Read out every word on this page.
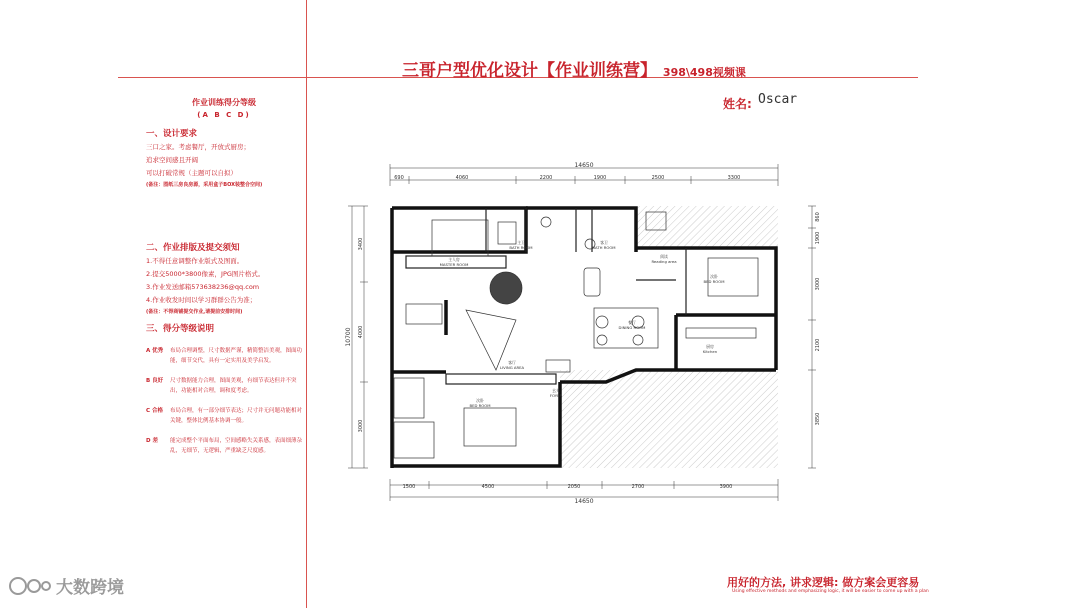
三哥户型优化设计【作业训练营】 398\498视频课
姓名: Oscar
作业训练得分等级
(A B C D)
一、设计要求
三口之家。考虑餐厅，开放式厨房；
追求空间感且开阔
可以打破常规（主题可以自拟）
(备注：图纸三房良房源，采用盒子BOX装整合空间)
二、作业排版及提交须知
1.不得任意调整作业版式及图面。
2.提交5000*3800像素，JPG图片格式。
3.作业发送邮箱573638236@qq.com
4.作业收发时间以学习群群公告为准；
(备注：不得商铺提交作业,请提前安排时间)
三、得分等级说明
A 优秀	布局合理调整，尺寸数据严谨，精简整洁美观，图面功能，细节交代，具有一定实用及美学启发。
B 良好	尺寸数据能力合理，图面美观，有细节表达但并不突出，功能相对合理，调和度考虑。
C 合格	布局合理，有一部分细节表达；尺寸并无问题功能相对关键，整体比例基本协调一般。
D 差	能完成整个平面布局，空间感略失关系感，表面细薄杂乱，无细节，无逻辑，严重缺乏尺度感。
14650
690	4060	2200	1900	2500	3300
1500	4500	2050	2700	3900
14650
3400
10700 4000
3000
860
1900
3000
2100
3850
主人房
MASTER ROOM
主卫
BATH ROOM
客卫
BATH ROOM
阅读
Reading area
次卧
BED ROOM
餐厅
DINING ROOM
厨房
Kitchen
客厅
LIVING AREA
玄关
FOYER
次卧
BED ROOM
用好的方法, 讲求逻辑: 做方案会更容易
Using effective methods and emphasizing logic, it will be easier to come up with a plan
大数跨境
